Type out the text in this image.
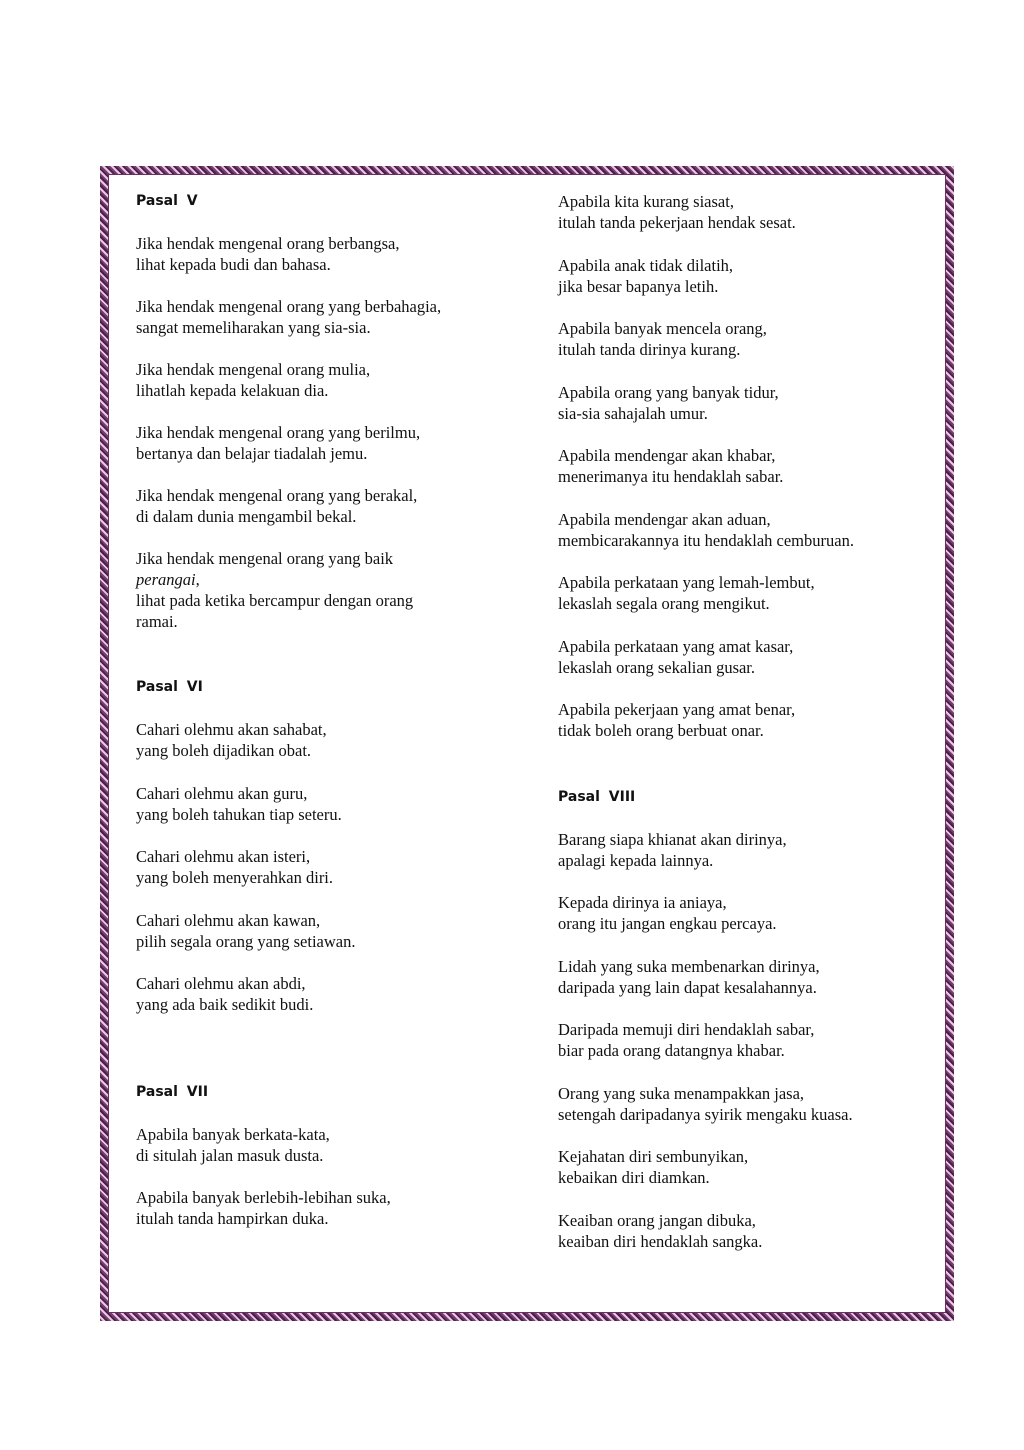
Pasal V

Jika hendak mengenal orang berbangsa,
lihat kepada budi dan bahasa.
Jika hendak mengenal orang yang berbahagia,
sangat memeliharakan yang sia-sia.
Jika hendak mengenal orang mulia,
lihatlah kepada kelakuan dia.
Jika hendak mengenal orang yang berilmu,
bertanya dan belajar tiadalah jemu.
Jika hendak mengenal orang yang berakal,
di dalam dunia mengambil bekal.
Jika hendak mengenal orang yang baik
perangai,
lihat pada ketika bercampur dengan orang
ramai.

Pasal VI

Cahari olehmu akan sahabat,
yang boleh dijadikan obat.
Cahari olehmu akan guru,
yang boleh tahukan tiap seteru.
Cahari olehmu akan isteri,
yang boleh menyerahkan diri.
Cahari olehmu akan kawan,
pilih segala orang yang setiawan.
Cahari olehmu akan abdi,
yang ada baik sedikit budi.

Pasal VII

Apabila banyak berkata-kata,
di situlah jalan masuk dusta.
Apabila banyak berlebih-lebihan suka,
itulah tanda hampirkan duka.
Apabila kita kurang siasat,
itulah tanda pekerjaan hendak sesat.
Apabila anak tidak dilatih,
jika besar bapanya letih.
Apabila banyak mencela orang,
itulah tanda dirinya kurang.
Apabila orang yang banyak tidur,
sia-sia sahajalah umur.
Apabila mendengar akan khabar,
menerimanya itu hendaklah sabar.
Apabila mendengar akan aduan,
membicarakannya itu hendaklah cemburuan.
Apabila perkataan yang lemah-lembut,
lekaslah segala orang mengikut.
Apabila perkataan yang amat kasar,
lekaslah orang sekalian gusar.
Apabila pekerjaan yang amat benar,
tidak boleh orang berbuat onar.

Pasal VIII

Barang siapa khianat akan dirinya,
apalagi kepada lainnya.
Kepada dirinya ia aniaya,
orang itu jangan engkau percaya.
Lidah yang suka membenarkan dirinya,
daripada yang lain dapat kesalahannya.
Daripada memuji diri hendaklah sabar,
biar pada orang datangnya khabar.
Orang yang suka menampakkan jasa,
setengah daripadanya syirik mengaku kuasa.
Kejahatan diri sembunyikan,
kebaikan diri diamkan.
Keaiban orang jangan dibuka,
keaiban diri hendaklah sangka.
